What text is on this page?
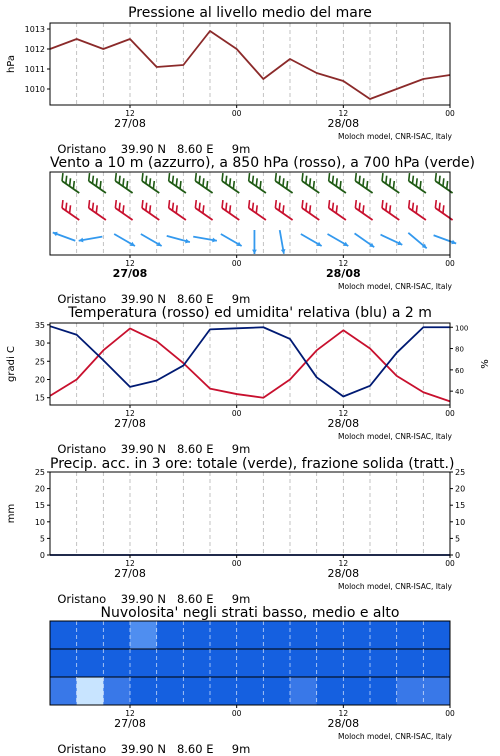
Pressione al livello medio del mare
1010
1011
1012
1013
12	00	12	00
27/08	28/08
hPa

Oristano 39.90 N 8.60 E 9m

Moloch model, CNR-ISAC, Italy
Vento a 10 m (azzurro), a 850 hPa (rosso), a 700 hPa (verde)
12	00	12	00
27/08	28/08

Oristano 39.90 N 8.60 E 9m

Moloch model, CNR-ISAC, Italy
Temperatura (rosso) ed umidita' relativa (blu) a 2 m
15
20
25
30
35
40
60
80
100
12	00	12	00
27/08	28/08
gradi C	%

Oristano 39.90 N 8.60 E 9m

Moloch model, CNR-ISAC, Italy
Precip. acc. in 3 ore: totale (verde), frazione solida (tratt.)
0
5
10
15
20
25
0
5
10
15
20
25
12	00	12	00
27/08	28/08
mm

Oristano 39.90 N 8.60 E 9m

Moloch model, CNR-ISAC, Italy
Nuvolosita' negli strati basso, medio e alto
12	00	12	00
27/08	28/08

Oristano 39.90 N 8.60 E 9m

Moloch model, CNR-ISAC, Italy
